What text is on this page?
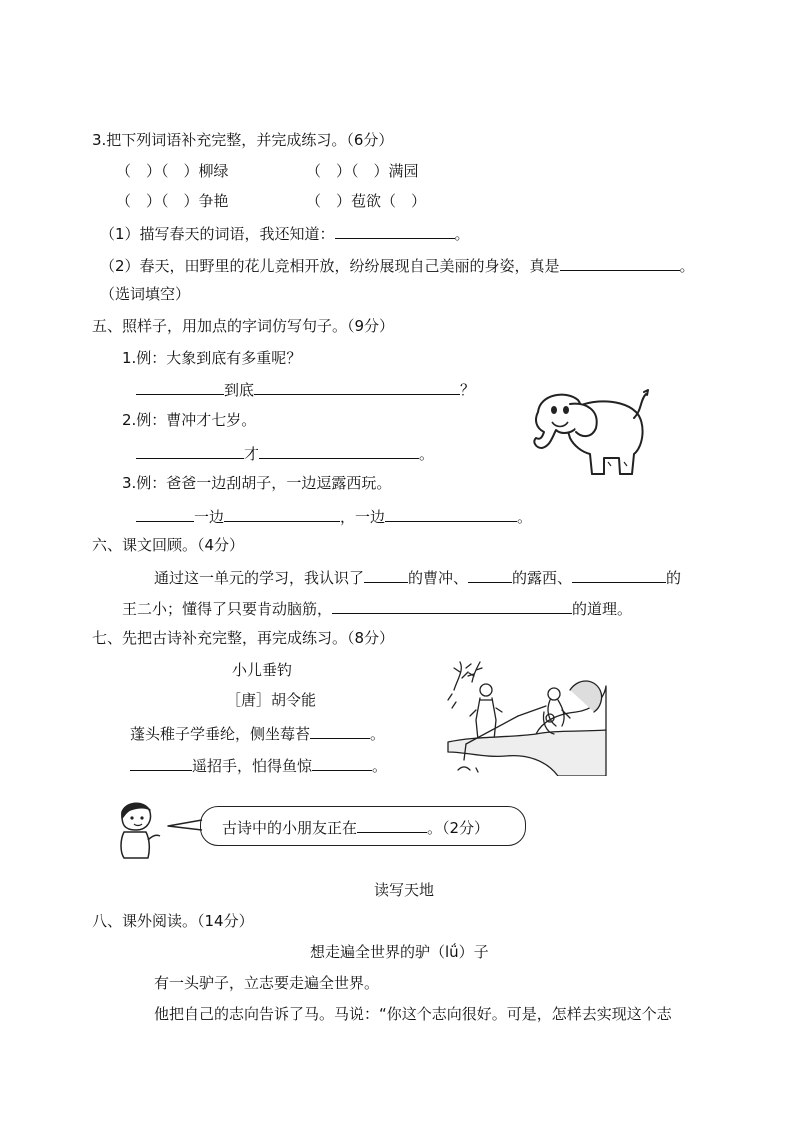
3.把下列词语补充完整，并完成练习。（6分）
（　）（　）柳绿	（　）（　）满园
（　）（　）争艳	（　）苞欲（　）
（1）描写春天的词语，我还知道：	。
（2）春天，田野里的花儿竞相开放，纷纷展现自己美丽的身姿，真是	。
（选词填空）
五、照样子，用加点的字词仿写句子。（9分）
1.例：大象到底有多重呢？
到底	？
2.例：曹冲才七岁。
才	。
3.例：爸爸一边刮胡子，一边逗露西玩。
一边	，一边	。
六、课文回顾。（4分）
通过这一单元的学习，我认识了	的曹冲、	的露西、	的
王二小；懂得了只要肯动脑筋，	的道理。
七、先把古诗补充完整，再完成练习。（8分）
小儿垂钓
［唐］胡令能
蓬头稚子学垂纶，侧坐莓苔	。
遥招手，怕得鱼惊	。
古诗中的小朋友正在	。（2分）
读写天地
八、课外阅读。（14分）
想走遍全世界的驴（lǘ）子
有一头驴子，立志要走遍全世界。
他把自己的志向告诉了马。马说：“你这个志向很好。可是，怎样去实现这个志
